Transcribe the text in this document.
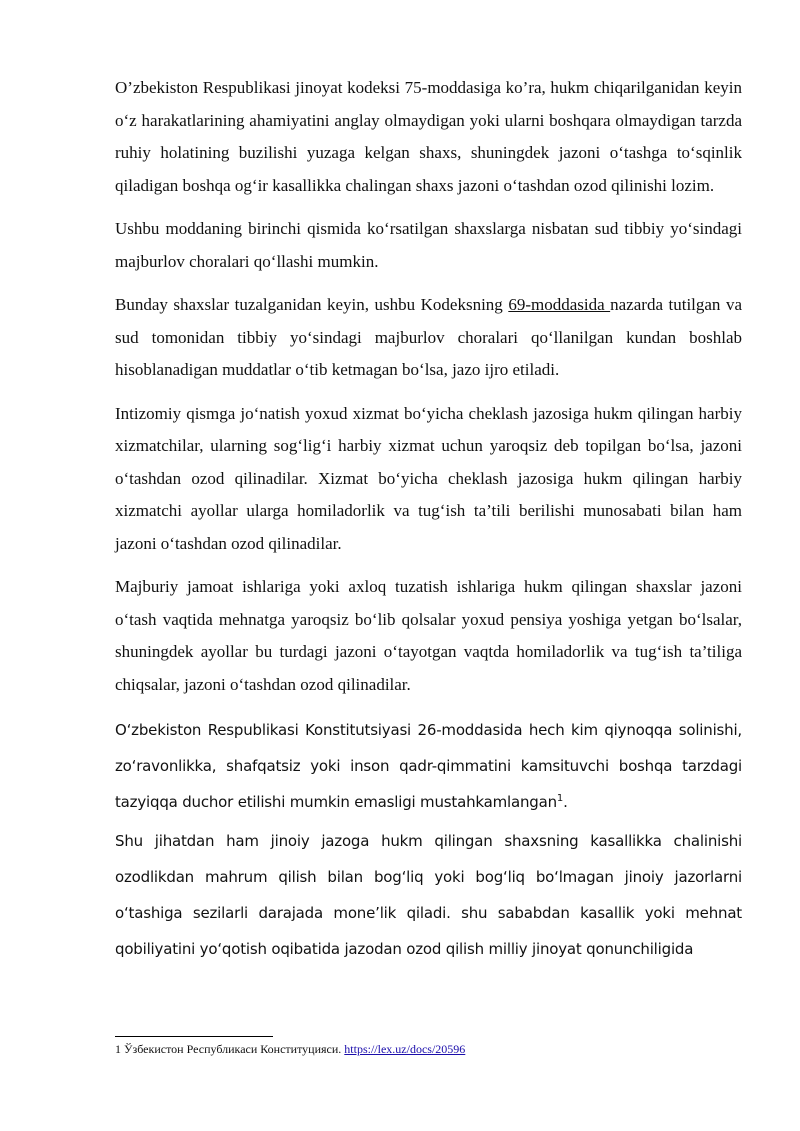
O’zbekiston Respublikasi jinoyat kodeksi 75-moddasiga ko’ra, hukm chiqarilganidan keyin o‘z harakatlarining ahamiyatini anglay olmaydigan yoki ularni boshqara olmaydigan tarzda ruhiy holatining buzilishi yuzaga kelgan shaxs, shuningdek jazoni o‘tashga to‘sqinlik qiladigan boshqa og‘ir kasallikka chalingan shaxs jazoni o‘tashdan ozod qilinishi lozim.

Ushbu moddaning birinchi qismida ko‘rsatilgan shaxslarga nisbatan sud tibbiy yo‘sindagi majburlov choralari qo‘llashi mumkin.

Bunday shaxslar tuzalganidan keyin, ushbu Kodeksning 69-moddasida nazarda tutilgan va sud tomonidan tibbiy yo‘sindagi majburlov choralari qo‘llanilgan kundan boshlab hisoblanadigan muddatlar o‘tib ketmagan bo‘lsa, jazo ijro etiladi.

Intizomiy qismga jo‘natish yoxud xizmat bo‘yicha cheklash jazosiga hukm qilingan harbiy xizmatchilar, ularning sog‘lig‘i harbiy xizmat uchun yaroqsiz deb topilgan bo‘lsa, jazoni o‘tashdan ozod qilinadilar. Xizmat bo‘yicha cheklash jazosiga hukm qilingan harbiy xizmatchi ayollar ularga homiladorlik va tug‘ish ta’tili berilishi munosabati bilan ham jazoni o‘tashdan ozod qilinadilar.

Majburiy jamoat ishlariga yoki axloq tuzatish ishlariga hukm qilingan shaxslar jazoni o‘tash vaqtida mehnatga yaroqsiz bo‘lib qolsalar yoxud pensiya yoshiga yetgan bo‘lsalar, shuningdek ayollar bu turdagi jazoni o‘tayotgan vaqtda homiladorlik va tug‘ish ta’tiliga chiqsalar, jazoni o‘tashdan ozod qilinadilar.

O‘zbekiston Respublikasi Konstitutsiyasi 26-moddasida hech kim qiynoqqa solinishi, zo‘ravonlikka, shafqatsiz yoki inson qadr-qimmatini kamsituvchi boshqa tarzdagi tazyiqqa duchor etilishi mumkin emasligi mustahkamlangan$^1$.

Shu jihatdan ham jinoiy jazoga hukm qilingan shaxsning kasallikka chalinishi ozodlikdan mahrum qilish bilan bog‘liq yoki bog‘liq bo‘lmagan jinoiy jazorlarni o‘tashiga sezilarli darajada mone’lik qiladi. shu sababdan kasallik yoki mehnat qobiliyatini yo‘qotish oqibatida jazodan ozod qilish milliy jinoyat qonunchiligida

1 Ўзбекистон Республикаси Конституцияси. https://lex.uz/docs/20596
